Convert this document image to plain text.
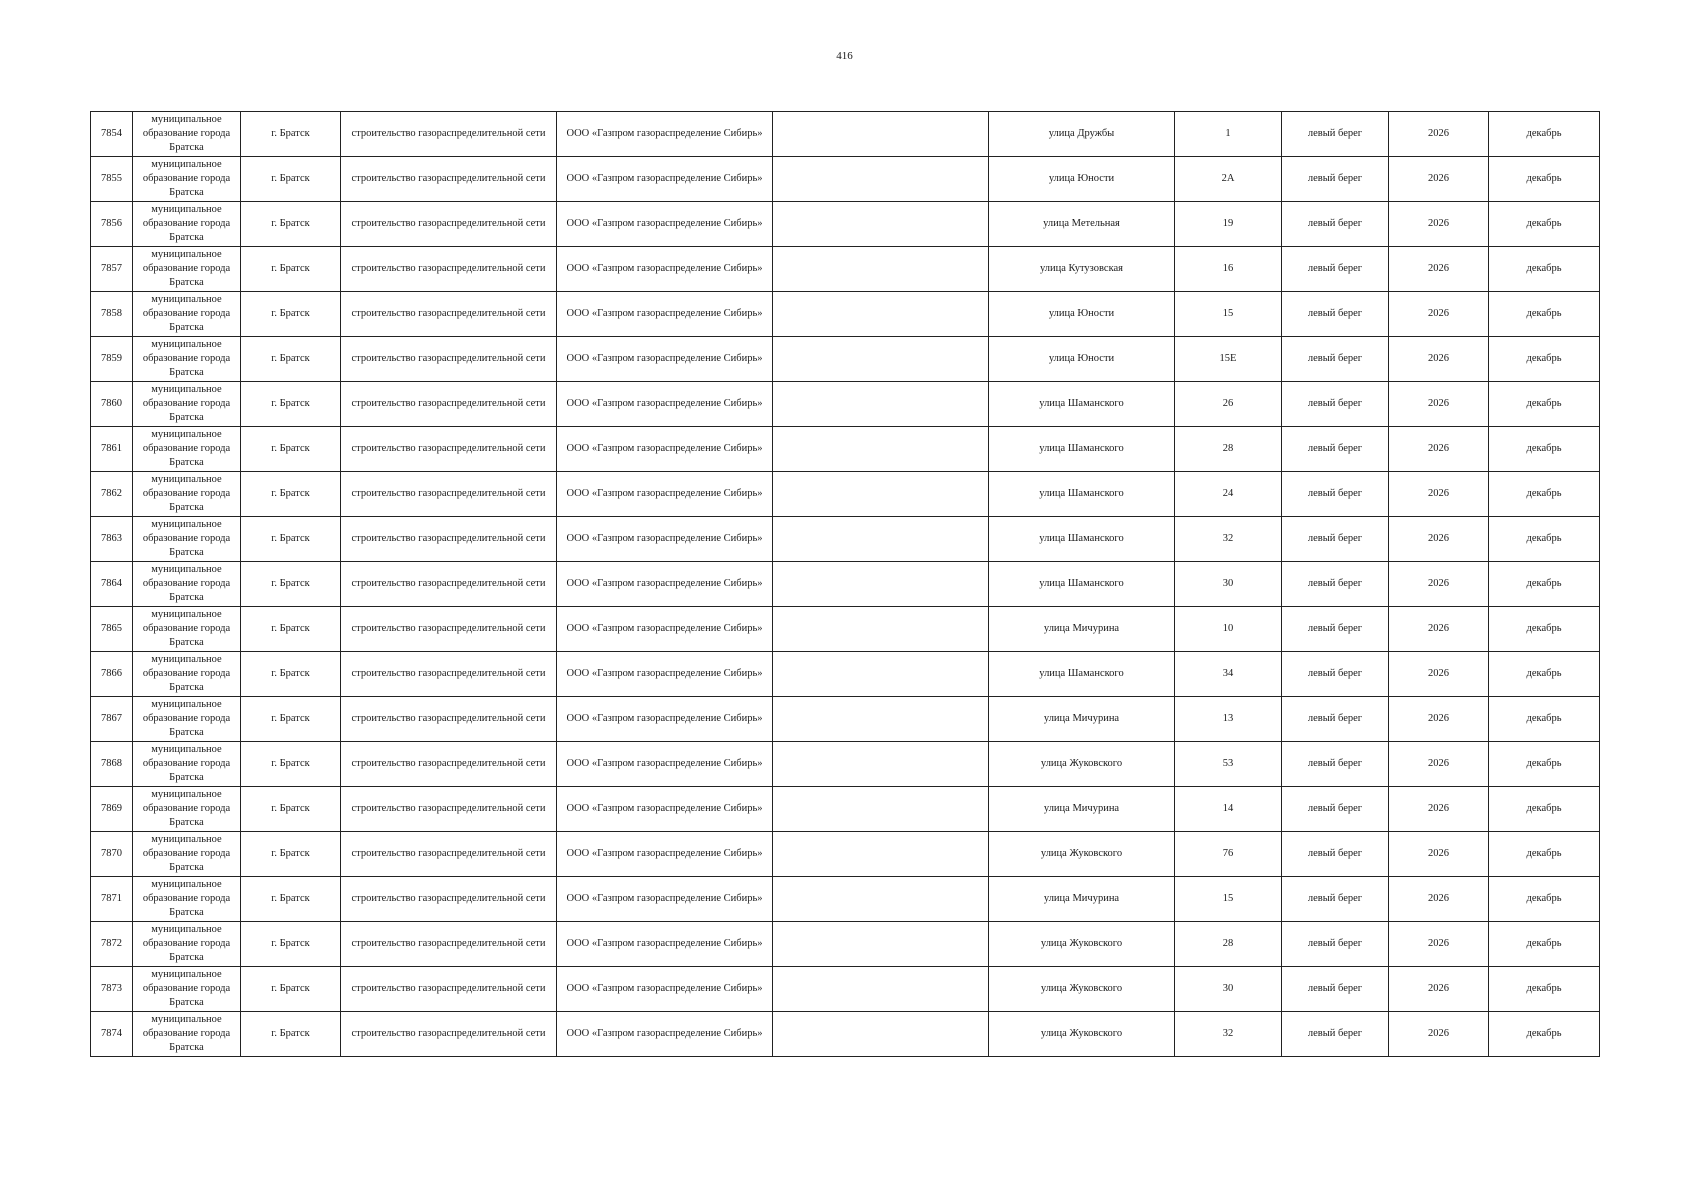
416
7854	муниципальное образование города Братска	г. Братск	строительство газораспределительной сети	ООО «Газпром газораспределение Сибирь»		улица Дружбы	1	левый берег	2026	декабрь
7855	муниципальное образование города Братска	г. Братск	строительство газораспределительной сети	ООО «Газпром газораспределение Сибирь»		улица Юности	2А	левый берег	2026	декабрь
7856	муниципальное образование города Братска	г. Братск	строительство газораспределительной сети	ООО «Газпром газораспределение Сибирь»		улица Метельная	19	левый берег	2026	декабрь
7857	муниципальное образование города Братска	г. Братск	строительство газораспределительной сети	ООО «Газпром газораспределение Сибирь»		улица Кутузовская	16	левый берег	2026	декабрь
7858	муниципальное образование города Братска	г. Братск	строительство газораспределительной сети	ООО «Газпром газораспределение Сибирь»		улица Юности	15	левый берег	2026	декабрь
7859	муниципальное образование города Братска	г. Братск	строительство газораспределительной сети	ООО «Газпром газораспределение Сибирь»		улица Юности	15Е	левый берег	2026	декабрь
7860	муниципальное образование города Братска	г. Братск	строительство газораспределительной сети	ООО «Газпром газораспределение Сибирь»		улица Шаманского	26	левый берег	2026	декабрь
7861	муниципальное образование города Братска	г. Братск	строительство газораспределительной сети	ООО «Газпром газораспределение Сибирь»		улица Шаманского	28	левый берег	2026	декабрь
7862	муниципальное образование города Братска	г. Братск	строительство газораспределительной сети	ООО «Газпром газораспределение Сибирь»		улица Шаманского	24	левый берег	2026	декабрь
7863	муниципальное образование города Братска	г. Братск	строительство газораспределительной сети	ООО «Газпром газораспределение Сибирь»		улица Шаманского	32	левый берег	2026	декабрь
7864	муниципальное образование города Братска	г. Братск	строительство газораспределительной сети	ООО «Газпром газораспределение Сибирь»		улица Шаманского	30	левый берег	2026	декабрь
7865	муниципальное образование города Братска	г. Братск	строительство газораспределительной сети	ООО «Газпром газораспределение Сибирь»		улица Мичурина	10	левый берег	2026	декабрь
7866	муниципальное образование города Братска	г. Братск	строительство газораспределительной сети	ООО «Газпром газораспределение Сибирь»		улица Шаманского	34	левый берег	2026	декабрь
7867	муниципальное образование города Братска	г. Братск	строительство газораспределительной сети	ООО «Газпром газораспределение Сибирь»		улица Мичурина	13	левый берег	2026	декабрь
7868	муниципальное образование города Братска	г. Братск	строительство газораспределительной сети	ООО «Газпром газораспределение Сибирь»		улица Жуковского	53	левый берег	2026	декабрь
7869	муниципальное образование города Братска	г. Братск	строительство газораспределительной сети	ООО «Газпром газораспределение Сибирь»		улица Мичурина	14	левый берег	2026	декабрь
7870	муниципальное образование города Братска	г. Братск	строительство газораспределительной сети	ООО «Газпром газораспределение Сибирь»		улица Жуковского	76	левый берег	2026	декабрь
7871	муниципальное образование города Братска	г. Братск	строительство газораспределительной сети	ООО «Газпром газораспределение Сибирь»		улица Мичурина	15	левый берег	2026	декабрь
7872	муниципальное образование города Братска	г. Братск	строительство газораспределительной сети	ООО «Газпром газораспределение Сибирь»		улица Жуковского	28	левый берег	2026	декабрь
7873	муниципальное образование города Братска	г. Братск	строительство газораспределительной сети	ООО «Газпром газораспределение Сибирь»		улица Жуковского	30	левый берег	2026	декабрь
7874	муниципальное образование города Братска	г. Братск	строительство газораспределительной сети	ООО «Газпром газораспределение Сибирь»		улица Жуковского	32	левый берег	2026	декабрь
